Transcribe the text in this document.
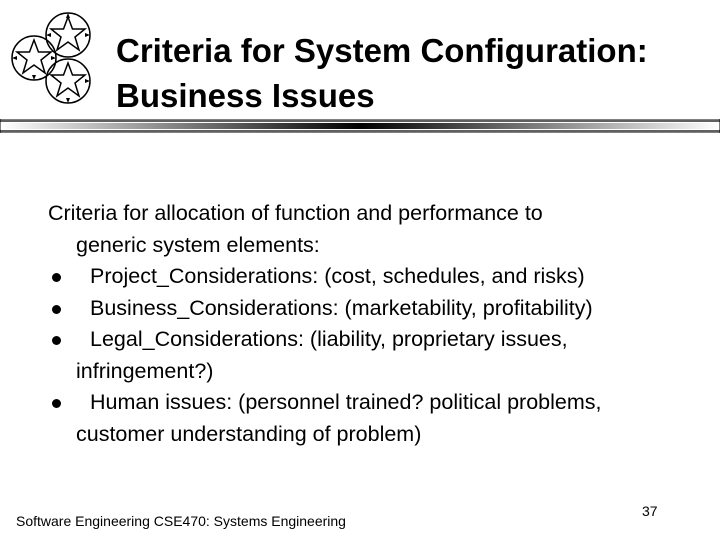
Criteria for System Configuration:
Business Issues

Criteria for allocation of function and performance to
generic system elements:

Project_Considerations: (cost, schedules, and risks)
Business_Considerations: (marketability, profitability)
Legal_Considerations: (liability, proprietary issues,
infringement?)
Human issues: (personnel trained? political problems,
customer understanding of problem)
Software Engineering CSE470: Systems Engineering
37
